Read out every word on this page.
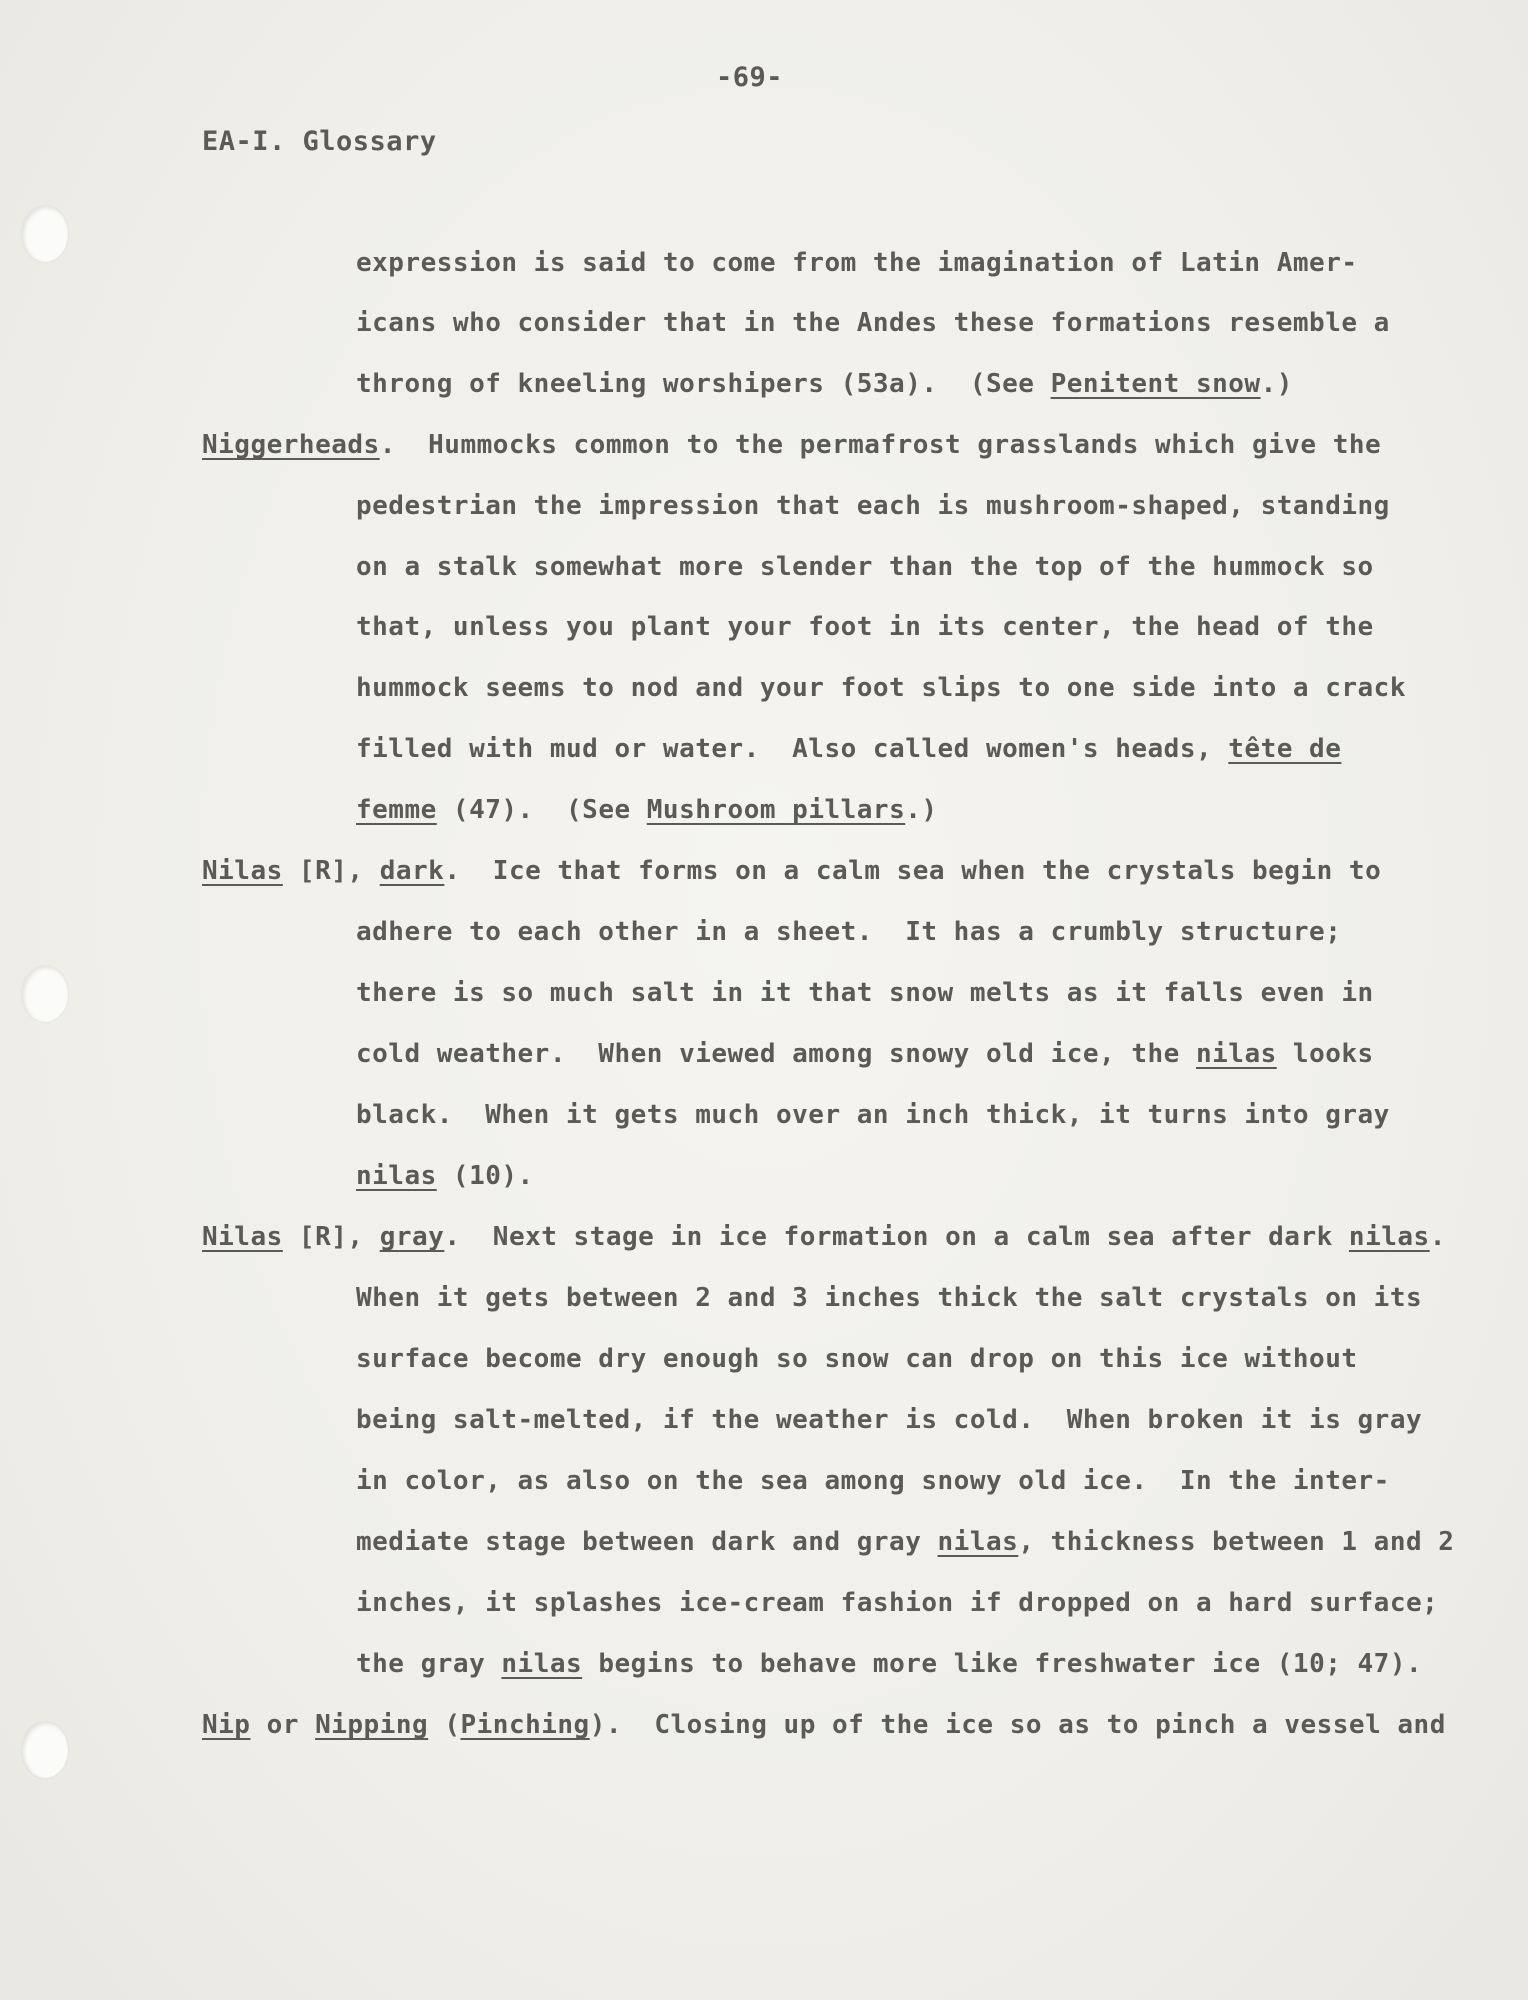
-69-
EA-I. Glossary
expression is said to come from the imagination of Latin Amer-
icans who consider that in the Andes these formations resemble a
throng of kneeling worshipers (53a).  (See Penitent snow.)
Niggerheads.  Hummocks common to the permafrost grasslands which give the
pedestrian the impression that each is mushroom-shaped, standing
on a stalk somewhat more slender than the top of the hummock so
that, unless you plant your foot in its center, the head of the
hummock seems to nod and your foot slips to one side into a crack
filled with mud or water.  Also called women's heads, tête de
femme (47).  (See Mushroom pillars.)
Nilas [R], dark.  Ice that forms on a calm sea when the crystals begin to
adhere to each other in a sheet.  It has a crumbly structure;
there is so much salt in it that snow melts as it falls even in
cold weather.  When viewed among snowy old ice, the nilas looks
black.  When it gets much over an inch thick, it turns into gray
nilas (10).
Nilas [R], gray.  Next stage in ice formation on a calm sea after dark nilas.
When it gets between 2 and 3 inches thick the salt crystals on its
surface become dry enough so snow can drop on this ice without
being salt-melted, if the weather is cold.  When broken it is gray
in color, as also on the sea among snowy old ice.  In the inter-
mediate stage between dark and gray nilas, thickness between 1 and 2
inches, it splashes ice-cream fashion if dropped on a hard surface;
the gray nilas begins to behave more like freshwater ice (10; 47).
Nip or Nipping (Pinching).  Closing up of the ice so as to pinch a vessel and
